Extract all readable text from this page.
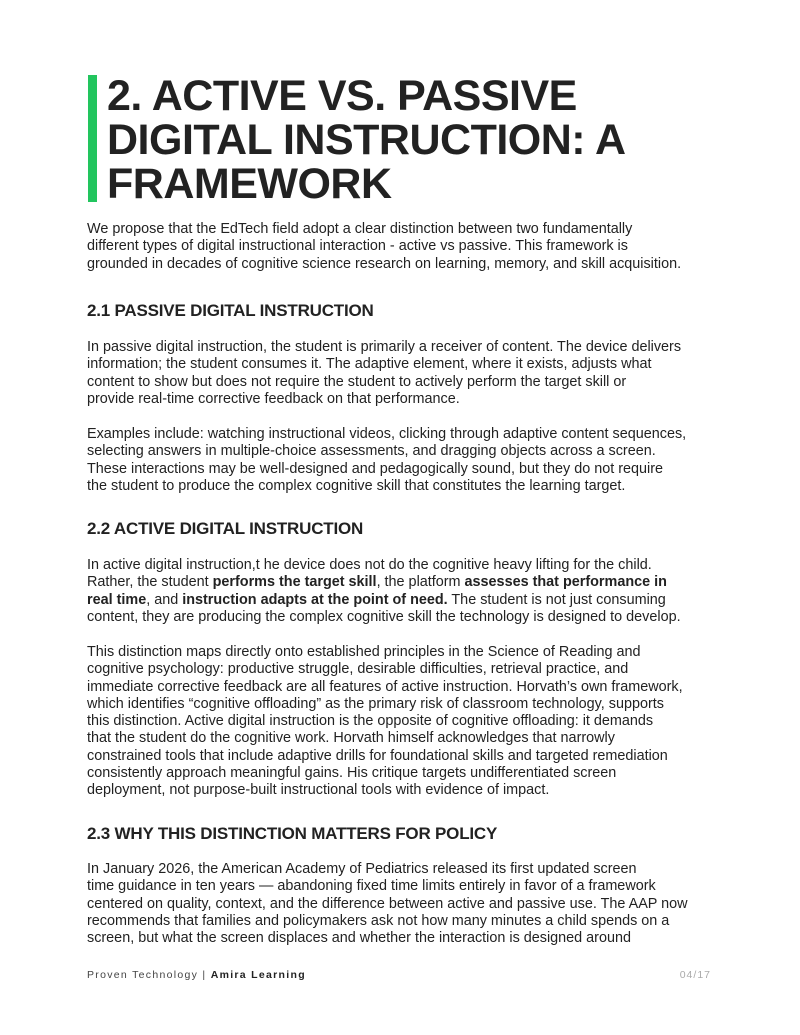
2. ACTIVE VS. PASSIVE
DIGITAL INSTRUCTION: A
FRAMEWORK

We propose that the EdTech field adopt a clear distinction between two fundamentally
different types of digital instructional interaction - active vs passive. This framework is
grounded in decades of cognitive science research on learning, memory, and skill acquisition.

2.1 PASSIVE DIGITAL INSTRUCTION

In passive digital instruction, the student is primarily a receiver of content. The device delivers
information; the student consumes it. The adaptive element, where it exists, adjusts what
content to show but does not require the student to actively perform the target skill or
provide real-time corrective feedback on that performance.

Examples include: watching instructional videos, clicking through adaptive content sequences,
selecting answers in multiple-choice assessments, and dragging objects across a screen.
These interactions may be well-designed and pedagogically sound, but they do not require
the student to produce the complex cognitive skill that constitutes the learning target.

2.2 ACTIVE DIGITAL INSTRUCTION

In active digital instruction,t he device does not do the cognitive heavy lifting for the child.
Rather, the student performs the target skill, the platform assesses that performance in
real time, and instruction adapts at the point of need. The student is not just consuming
content, they are producing the complex cognitive skill the technology is designed to develop.

This distinction maps directly onto established principles in the Science of Reading and
cognitive psychology: productive struggle, desirable difficulties, retrieval practice, and
immediate corrective feedback are all features of active instruction. Horvath’s own framework,
which identifies “cognitive offloading” as the primary risk of classroom technology, supports
this distinction. Active digital instruction is the opposite of cognitive offloading: it demands
that the student do the cognitive work. Horvath himself acknowledges that narrowly
constrained tools that include adaptive drills for foundational skills and targeted remediation
consistently approach meaningful gains. His critique targets undifferentiated screen
deployment, not purpose-built instructional tools with evidence of impact.

2.3 WHY THIS DISTINCTION MATTERS FOR POLICY

In January 2026, the American Academy of Pediatrics released its first updated screen
time guidance in ten years — abandoning fixed time limits entirely in favor of a framework
centered on quality, context, and the difference between active and passive use. The AAP now
recommends that families and policymakers ask not how many minutes a child spends on a
screen, but what the screen displaces and whether the interaction is designed around

Proven Technology | Amira Learning	04/17
